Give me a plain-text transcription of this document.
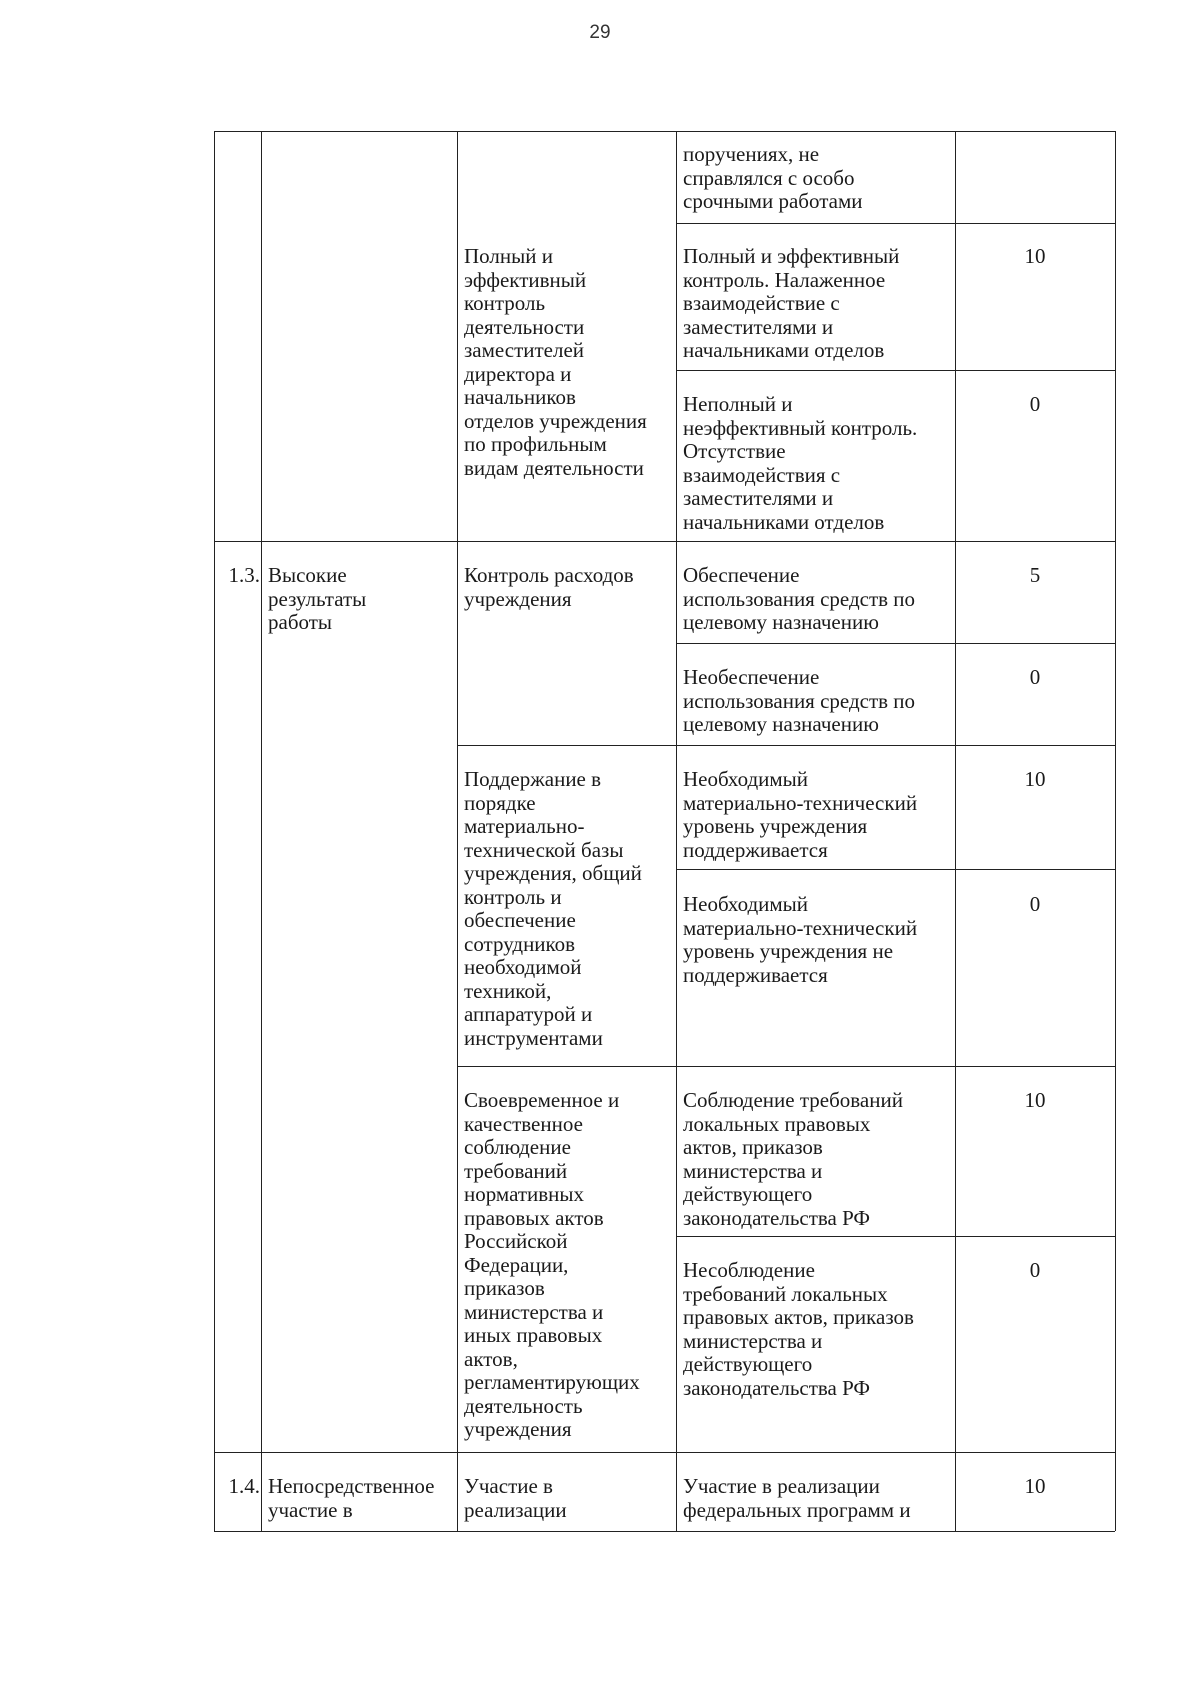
29
поручениях, не
справлялся с особо
срочными работами
Полный и
эффективный
контроль
деятельности
заместителей
директора и
начальников
отделов учреждения
по профильным
видам деятельности
Полный и эффективный
контроль. Налаженное
взаимодействие с
заместителями и
начальниками отделов
10
Неполный и
неэффективный контроль.
Отсутствие
взаимодействия с
заместителями и
начальниками отделов
0
1.3. Высокие
результаты
работы
Контроль расходов
учреждения
Обеспечение
использования средств по
целевому назначению
5
Необеспечение
использования средств по
целевому назначению
0
Поддержание в
порядке
материально-
технической базы
учреждения, общий
контроль и
обеспечение
сотрудников
необходимой
техникой,
аппаратурой и
инструментами
Необходимый
материально-технический
уровень учреждения
поддерживается
10
Необходимый
материально-технический
уровень учреждения не
поддерживается
0
Своевременное и
качественное
соблюдение
требований
нормативных
правовых актов
Российской
Федерации,
приказов
министерства и
иных правовых
актов,
регламентирующих
деятельность
учреждения
Соблюдение требований
локальных правовых
актов, приказов
министерства и
действующего
законодательства РФ
10
Несоблюдение
требований локальных
правовых актов, приказов
министерства и
действующего
законодательства РФ
0
1.4. Непосредственное
участие в
Участие в
реализации
Участие в реализации
федеральных программ и
10
